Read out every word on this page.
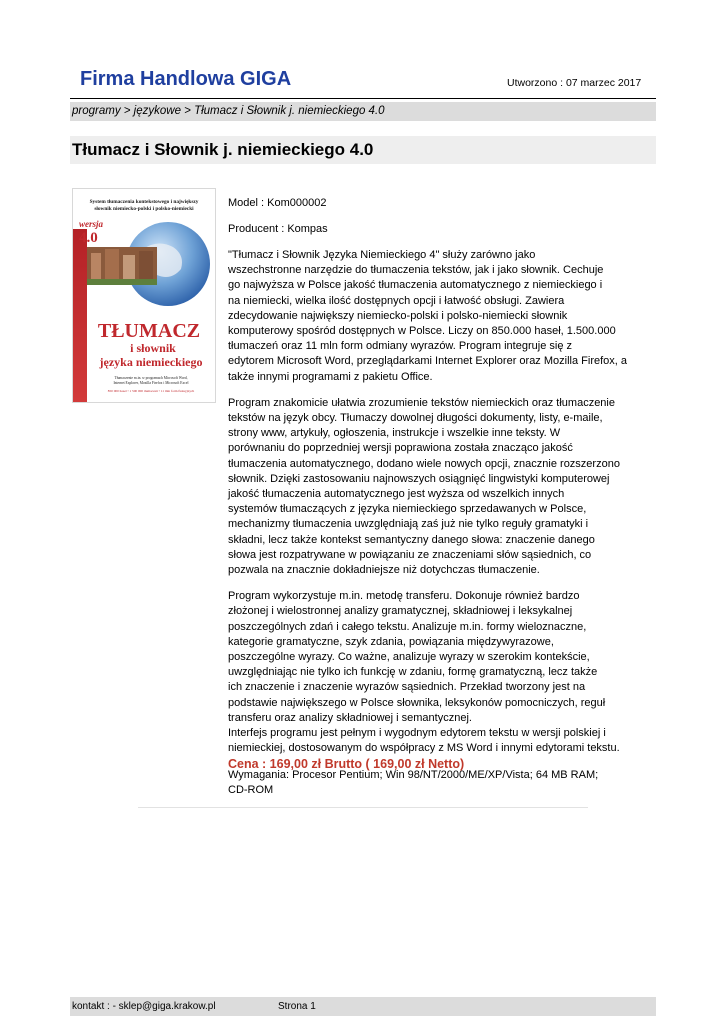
Firma Handlowa GIGA	Utworzono : 07 marzec 2017
programy > językowe > Tłumacz i Słownik j. niemieckiego 4.0
Tłumacz i Słownik j. niemieckiego 4.0
System tłumaczenia kontekstowego i największy
słownik niemiecko-polski i polsko-niemiecki
wersja
4.0
TŁUMACZ
i słownik
języka niemieckiego
Tłumaczenie m.in. w programach Microsoft Word,
Internet Explorer, Mozilla Firefox i Microsoft Excel
850 000 haseł • 1 500 000 tłumaczeń • 11 mln form fleksyjnych
Model : Kom000002
Producent : Kompas

"Tłumacz i Słownik Języka Niemieckiego 4" służy zarówno jako
wszechstronne narzędzie do tłumaczenia tekstów, jak i jako słownik. Cechuje
go najwyższa w Polsce jakość tłumaczenia automatycznego z niemieckiego i
na niemiecki, wielka ilość dostępnych opcji i łatwość obsługi. Zawiera
zdecydowanie największy niemiecko-polski i polsko-niemiecki słownik
komputerowy spośród dostępnych w Polsce. Liczy on 850.000 haseł, 1.500.000
tłumaczeń oraz 11 mln form odmiany wyrazów. Program integruje się z
edytorem Microsoft Word, przeglądarkami Internet Explorer oraz Mozilla Firefox, a
także innymi programami z pakietu Office.

Program znakomicie ułatwia zrozumienie tekstów niemieckich oraz tłumaczenie
tekstów na język obcy. Tłumaczy dowolnej długości dokumenty, listy, e-maile,
strony www, artykuły, ogłoszenia, instrukcje i wszelkie inne teksty. W
porównaniu do poprzedniej wersji poprawiona została znacząco jakość
tłumaczenia automatycznego, dodano wiele nowych opcji, znacznie rozszerzono
słownik. Dzięki zastosowaniu najnowszych osiągnięć lingwistyki komputerowej
jakość tłumaczenia automatycznego jest wyższa od wszelkich innych
systemów tłumaczących z języka niemieckiego sprzedawanych w Polsce,
mechanizmy tłumaczenia uwzględniają zaś już nie tylko reguły gramatyki i
składni, lecz także kontekst semantyczny danego słowa: znaczenie danego
słowa jest rozpatrywane w powiązaniu ze znaczeniami słów sąsiednich, co
pozwala na znacznie dokładniejsze niż dotychczas tłumaczenie.

Program wykorzystuje m.in. metodę transferu. Dokonuje również bardzo
złożonej i wielostronnej analizy gramatycznej, składniowej i leksykalnej
poszczególnych zdań i całego tekstu. Analizuje m.in. formy wieloznaczne,
kategorie gramatyczne, szyk zdania, powiązania międzywyrazowe,
poszczególne wyrazy. Co ważne, analizuje wyrazy w szerokim kontekście,
uwzględniając nie tylko ich funkcję w zdaniu, formę gramatyczną, lecz także
ich znaczenie i znaczenie wyrazów sąsiednich. Przekład tworzony jest na
podstawie największego w Polsce słownika, leksykonów pomocniczych, reguł
transferu oraz analizy składniowej i semantycznej.
Interfejs programu jest pełnym i wygodnym edytorem tekstu w wersji polskiej i
niemieckiej, dostosowanym do współpracy z MS Word i innymi edytorami tekstu.

Wymagania: Procesor Pentium; Win 98/NT/2000/ME/XP/Vista; 64 MB RAM;
CD-ROM

Cena : 169,00 zł Brutto ( 169,00 zł Netto)
kontakt : - sklep@giga.krakow.pl	Strona 1
